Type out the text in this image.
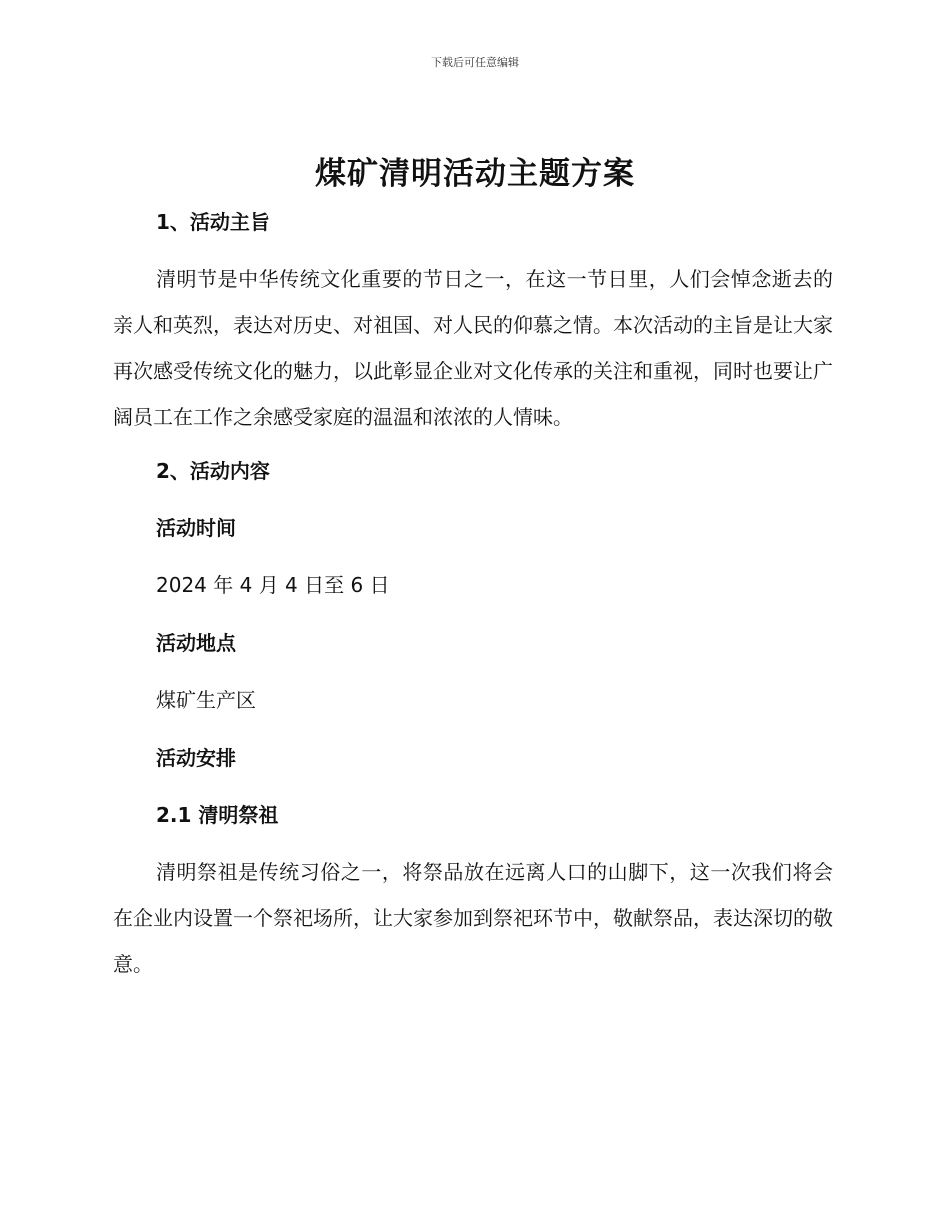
下载后可任意编辑
煤矿清明活动主题方案

1、活动主旨

清明节是中华传统文化重要的节日之一，在这一节日里，人们会悼念逝去的亲人和英烈，表达对历史、对祖国、对人民的仰慕之情。本次活动的主旨是让大家再次感受传统文化的魅力，以此彰显企业对文化传承的关注和重视，同时也要让广阔员工在工作之余感受家庭的温温和浓浓的人情味。

2、活动内容

活动时间

2024 年 4 月 4 日至 6 日

活动地点

煤矿生产区

活动安排

2.1 清明祭祖

清明祭祖是传统习俗之一，将祭品放在远离人口的山脚下，这一次我们将会在企业内设置一个祭祀场所，让大家参加到祭祀环节中，敬献祭品，表达深切的敬意。
